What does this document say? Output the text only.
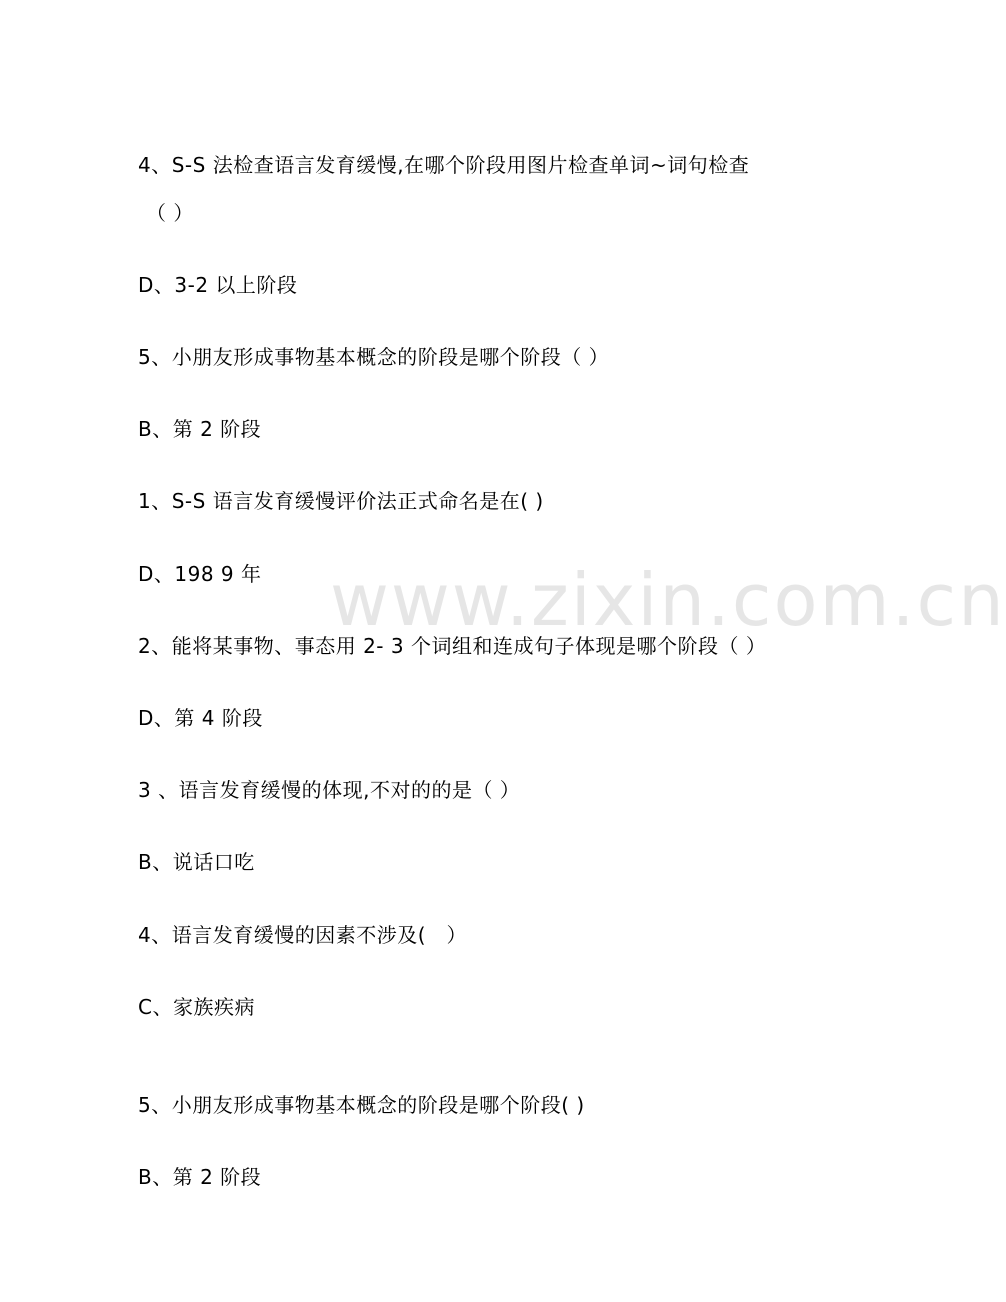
www.zixin.com.cn
4、S-S 法检查语言发育缓慢,在哪个阶段用图片检查单词~词句检查
（ ）
D、3-2 以上阶段
5、小朋友形成事物基本概念的阶段是哪个阶段（ ）
B、第 2 阶段
1、S-S 语言发育缓慢评价法正式命名是在( )
D、198 9 年
2、能将某事物、事态用 2- 3 个词组和连成句子体现是哪个阶段（ ）
D、第 4 阶段
3 、语言发育缓慢的体现,不对的的是（ ）
B、说话口吃
4、语言发育缓慢的因素不涉及(　）
C、家族疾病
5、小朋友形成事物基本概念的阶段是哪个阶段( )
B、第 2 阶段
